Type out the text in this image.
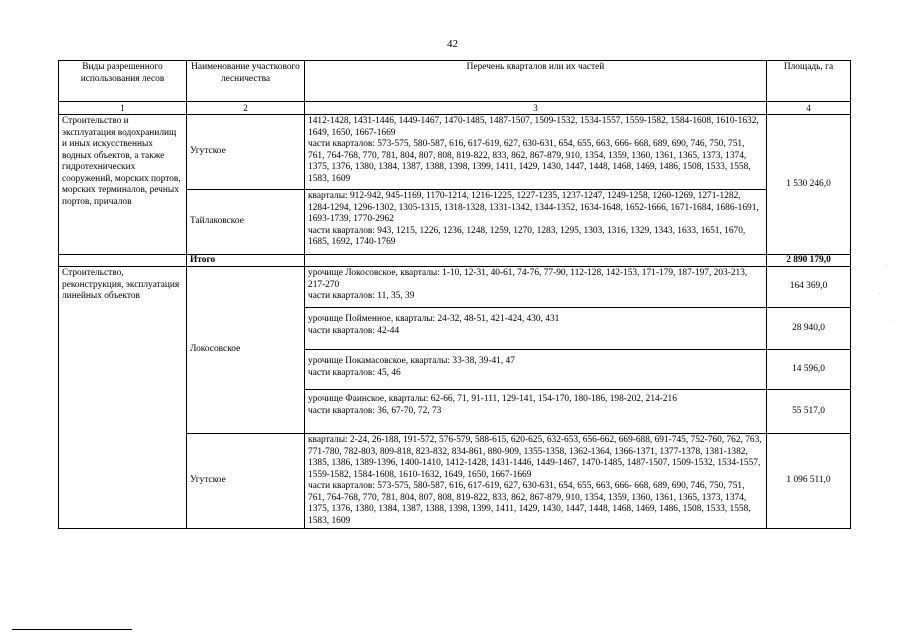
42
Виды разрешенного использования лесов	Наименование участкового лесничества	Перечень кварталов или их частей	Площадь, га
1	2	3	4
Строительство и эксплуатация водохранилищ и иных искусственных водных объектов, а также гидротехнических сооружений, морских портов, морских терминалов, речных портов, причалов	Угутское	1412-1428, 1431-1446, 1449-1467, 1470-1485, 1487-1507, 1509-1532, 1534-1557, 1559-1582, 1584-1608, 1610-1632, 1649, 1650, 1667-1669
части кварталов: 573-575, 580-587, 616, 617-619, 627, 630-631, 654, 655, 663, 666- 668, 689, 690, 746, 750, 751, 761, 764-768, 770, 781, 804, 807, 808, 819-822, 833, 862, 867-879, 910, 1354, 1359, 1360, 1361, 1365, 1373, 1374, 1375, 1376, 1380, 1384, 1387, 1388, 1398, 1399, 1411, 1429, 1430, 1447, 1448, 1468, 1469, 1486, 1508, 1533, 1558, 1583, 1609	1 530 246,0
	Тайлаковское	кварталы: 912-942, 945-1169, 1170-1214, 1216-1225, 1227-1235, 1237-1247, 1249-1258, 1260-1269, 1271-1282, 1284-1294, 1296-1302, 1305-1315, 1318-1328, 1331-1342, 1344-1352, 1634-1648, 1652-1666, 1671-1684, 1686-1691, 1693-1739, 1770-2962
части кварталов: 943, 1215, 1226, 1236, 1248, 1259, 1270, 1283, 1295, 1303, 1316, 1329, 1343, 1633, 1651, 1670, 1685, 1692, 1740-1769	

	Итого		2 890 179,0
Строительство, реконструкция, эксплуатация линейных объектов	Локосовское	урочище Локосовское, кварталы: 1-10, 12-31, 40-61, 74-76, 77-90, 112-128, 142-153, 171-179, 187-197, 203-213, 217-270
части кварталов: 11, 35, 39	164 369,0

		урочище Пойменное, кварталы: 24-32, 48-51, 421-424, 430, 431
части кварталов: 42-44	28 940,0

		урочище Покамасовское, кварталы: 33-38, 39-41, 47
части кварталов: 45, 46	14 596,0

		урочище Фаинское, кварталы: 62-66, 71, 91-111, 129-141, 154-170, 180-186, 198-202, 214-216
части кварталов: 36, 67-70, 72, 73	55 517,0
	Угутское	кварталы: 2-24, 26-188, 191-572, 576-579, 588-615, 620-625, 632-653, 656-662, 669-688, 691-745, 752-760, 762, 763, 771-780, 782-803, 809-818, 823-832, 834-861, 880-909, 1355-1358, 1362-1364, 1366-1371, 1377-1378, 1381-1382, 1385, 1386, 1389-1396, 1400-1410, 1412-1428, 1431-1446, 1449-1467, 1470-1485, 1487-1507, 1509-1532, 1534-1557, 1559-1582, 1584-1608, 1610-1632, 1649, 1650, 1667-1669
части кварталов: 573-575, 580-587, 616, 617-619, 627, 630-631, 654, 655, 663, 666- 668, 689, 690, 746, 750, 751, 761, 764-768, 770, 781, 804, 807, 808, 819-822, 833, 862, 867-879, 910, 1354, 1359, 1360, 1361, 1365, 1373, 1374, 1375, 1376, 1380, 1384, 1387, 1388, 1398, 1399, 1411, 1429, 1430, 1447, 1448, 1468, 1469, 1486, 1508, 1533, 1558, 1583, 1609	1 096 511,0
·
·
·
